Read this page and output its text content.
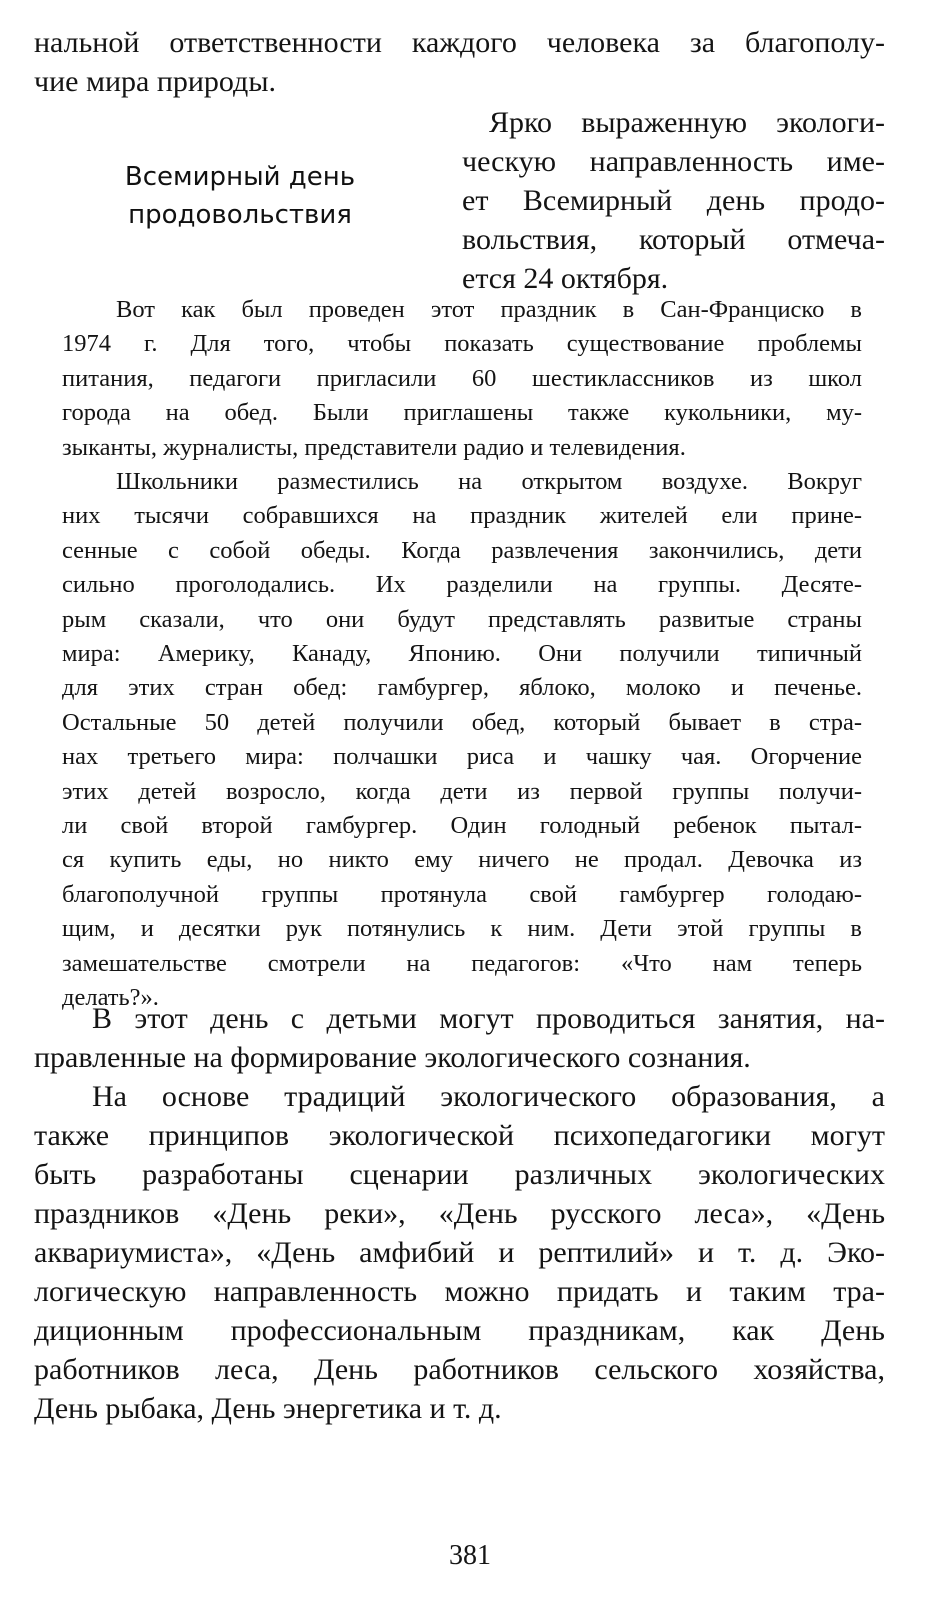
нальной ответственности каждого человека за благополу-
чие мира природы.
Всемирный день
продовольствия
Ярко выраженную экологи-
ческую направленность име-
ет Всемирный день продо-
вольствия, который отмеча-
ется 24 октября.
Вот как был проведен этот праздник в Сан-Франциско в
1974 г. Для того, чтобы показать существование проблемы
питания, педагоги пригласили 60 шестиклассников из школ
города на обед. Были приглашены также кукольники, му-
зыканты, журналисты, представители радио и телевидения.
Школьники разместились на открытом воздухе. Вокруг
них тысячи собравшихся на праздник жителей ели прине-
сенные с собой обеды. Когда развлечения закончились, дети
сильно проголодались. Их разделили на группы. Десяте-
рым сказали, что они будут представлять развитые страны
мира: Америку, Канаду, Японию. Они получили типичный
для этих стран обед: гамбургер, яблоко, молоко и печенье.
Остальные 50 детей получили обед, который бывает в стра-
нах третьего мира: полчашки риса и чашку чая. Огорчение
этих детей возросло, когда дети из первой группы получи-
ли свой второй гамбургер. Один голодный ребенок пытал-
ся купить еды, но никто ему ничего не продал. Девочка из
благополучной группы протянула свой гамбургер голодаю-
щим, и десятки рук потянулись к ним. Дети этой группы в
замешательстве смотрели на педагогов: «Что нам теперь
делать?».
В этот день с детьми могут проводиться занятия, на-
правленные на формирование экологического сознания.
На основе традиций экологического образования, а
также принципов экологической психопедагогики могут
быть разработаны сценарии различных экологических
праздников «День реки», «День русского леса», «День
аквариумиста», «День амфибий и рептилий» и т. д. Эко-
логическую направленность можно придать и таким тра-
диционным профессиональным праздникам, как День
работников леса, День работников сельского хозяйства,
День рыбака, День энергетика и т. д.
381
